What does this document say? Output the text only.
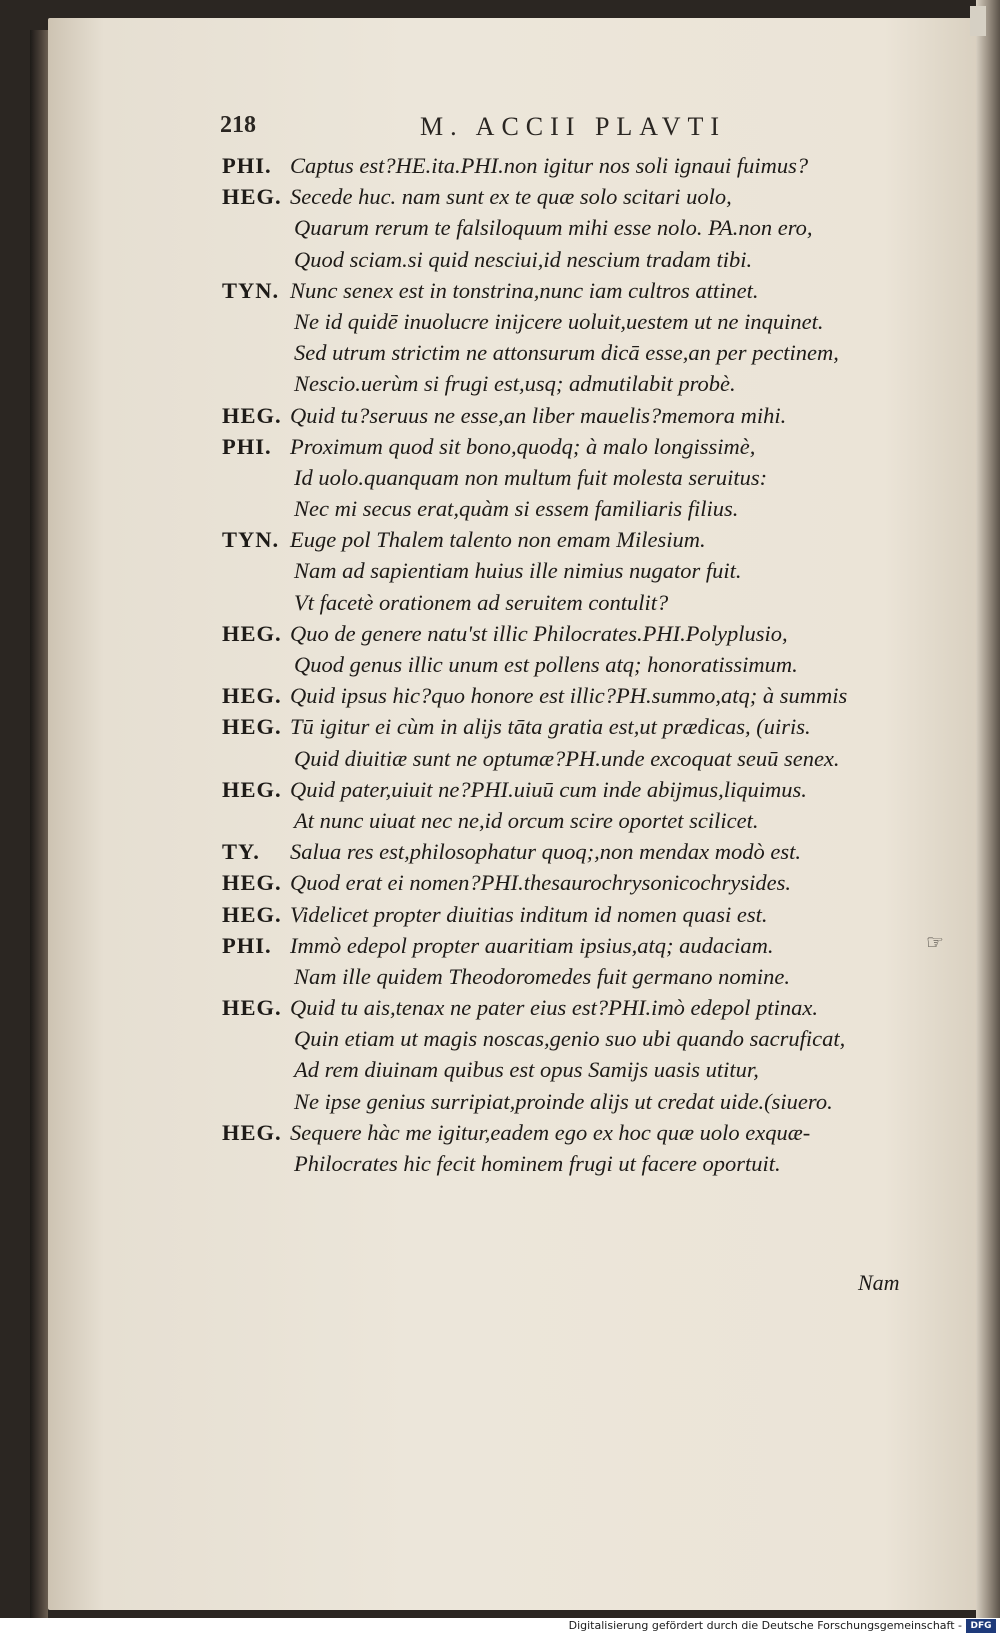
218	M. ACCII PLAVTI
PHI. Captus est?HE.ita.PHI.non igitur nos soli ignaui fuimus?
HEG. Secede huc. nam sunt ex te quæ solo scitari uolo,
Quarum rerum te falsiloquum mihi esse nolo. PA.non ero,
Quod sciam.si quid nesciui,id nescium tradam tibi.
TYN. Nunc senex est in tonstrina,nunc iam cultros attinet.
Ne id quidē inuolucre inijcere uoluit,uestem ut ne inquinet.
Sed utrum strictim ne attonsurum dicā esse,an per pectinem,
Nescio.uerùm si frugi est,usq; admutilabit probè.
HEG. Quid tu?seruus ne esse,an liber mauelis?memora mihi.
PHI. Proximum quod sit bono,quodq; à malo longissimè,
Id uolo.quanquam non multum fuit molesta seruitus:
Nec mi secus erat,quàm si essem familiaris filius.
TYN. Euge pol Thalem talento non emam Milesium.
Nam ad sapientiam huius ille nimius nugator fuit.
Vt facetè orationem ad seruitem contulit?
HEG. Quo de genere natu'st illic Philocrates.PHI.Polyplusio,
Quod genus illic unum est pollens atq; honoratissimum.
HEG. Quid ipsus hic?quo honore est illic?PH.summo,atq; à summis
HEG. Tū igitur ei cùm in alijs tāta gratia est,ut prædicas, (uiris.
Quid diuitiæ sunt ne optumæ?PH.unde excoquat seuū senex.
HEG. Quid pater,uiuit ne?PHI.uiuū cum inde abijmus,liquimus.
At nunc uiuat nec ne,id orcum scire oportet scilicet.
TY. Salua res est,philosophatur quoq;,non mendax modò est.
HEG. Quod erat ei nomen?PHI.thesaurochrysonicochrysides.
HEG. Videlicet propter diuitias inditum id nomen quasi est.
PHI. Immò edepol propter auaritiam ipsius,atq; audaciam.
Nam ille quidem Theodoromedes fuit germano nomine.
HEG. Quid tu ais,tenax ne pater eius est?PHI.imò edepol ptinax.
Quin etiam ut magis noscas,genio suo ubi quando sacruficat,
Ad rem diuinam quibus est opus Samijs uasis utitur,
Ne ipse genius surripiat,proinde alijs ut credat uide.(siuero.
HEG. Sequere hàc me igitur,eadem ego ex hoc quæ uolo exquæ-
Philocrates hic fecit hominem frugi ut facere oportuit.
☞
Nam
Digitalisierung gefördert durch die Deutsche Forschungsgemeinschaft - DFG
